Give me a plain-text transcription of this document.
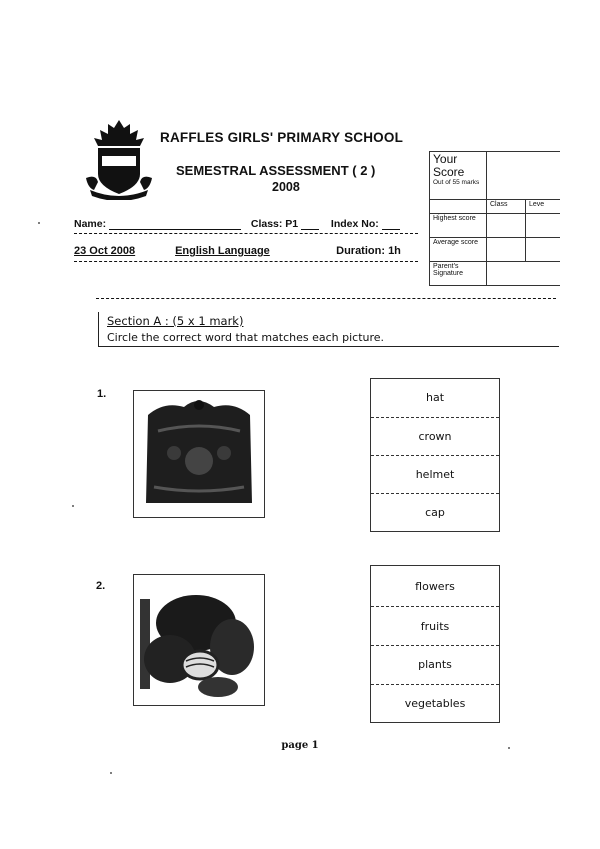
RAFFLES GIRLS' PRIMARY SCHOOL
SEMESTRAL ASSESSMENT ( 2 )
2008
Name:	Class: P1	Index No:
23 Oct 2008	English Language	Duration: 1h
Your Score
Out of 55 marks		

	Class	Leve
Highest score		
Average score		
Parent's Signature		
Section A : (5 x 1 mark)
Circle the correct word that matches each picture.
1.	hat
crown
helmet
cap
2.	flowers
fruits
plants
vegetables
page 1
